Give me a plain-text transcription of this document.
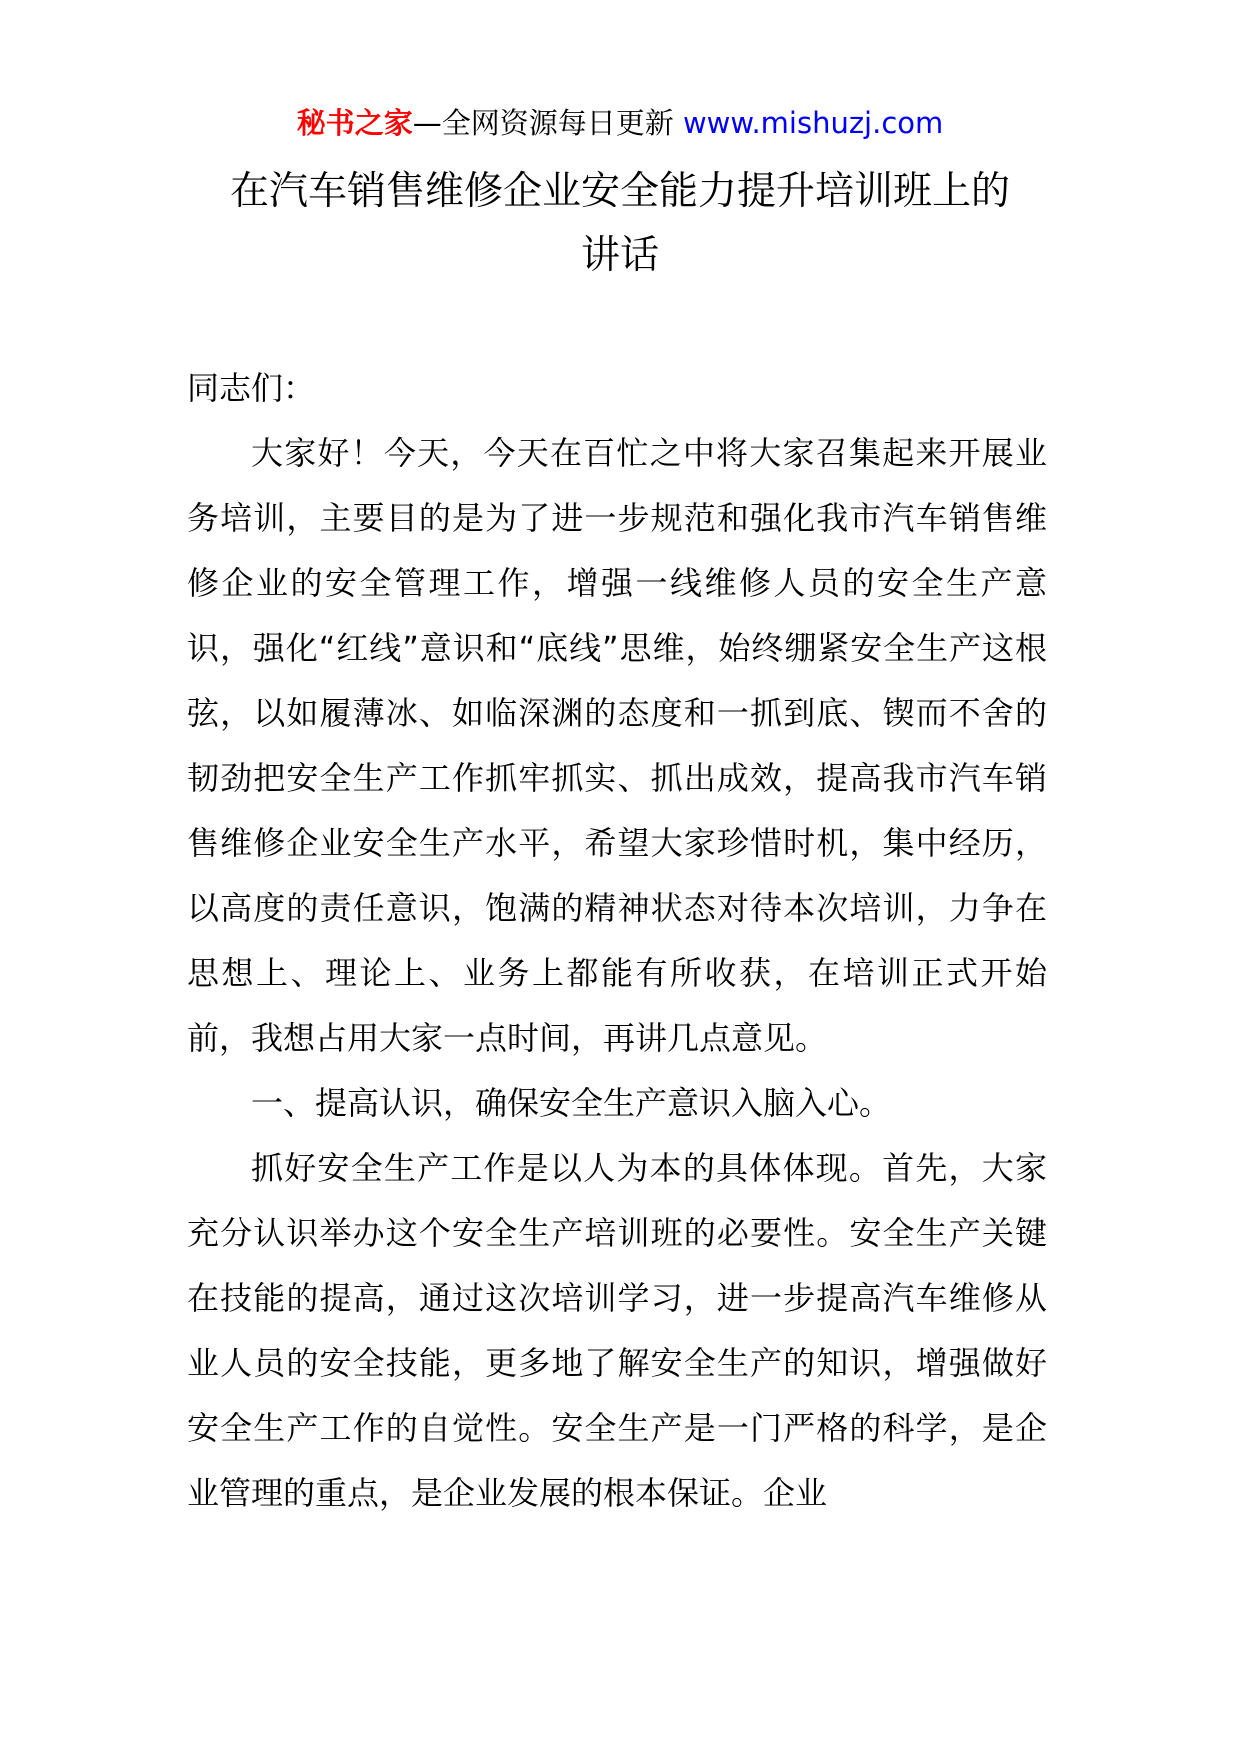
秘书之家—全网资源每日更新 www.mishuzj.com
在汽车销售维修企业安全能力提升培训班上的
讲话

同志们：

大家好！今天，今天在百忙之中将大家召集起来开展业务培训，主要目的是为了进一步规范和强化我市汽车销售维修企业的安全管理工作，增强一线维修人员的安全生产意识，强化“红线”意识和“底线”思维，始终绷紧安全生产这根弦，以如履薄冰、如临深渊的态度和一抓到底、锲而不舍的韧劲把安全生产工作抓牢抓实、抓出成效，提高我市汽车销售维修企业安全生产水平，希望大家珍惜时机，集中经历，以高度的责任意识，饱满的精神状态对待本次培训，力争在思想上、理论上、业务上都能有所收获，在培训正式开始前，我想占用大家一点时间，再讲几点意见。

一、提高认识，确保安全生产意识入脑入心。

抓好安全生产工作是以人为本的具体体现。首先，大家充分认识举办这个安全生产培训班的必要性。安全生产关键在技能的提高，通过这次培训学习，进一步提高汽车维修从业人员的安全技能，更多地了解安全生产的知识，增强做好安全生产工作的自觉性。安全生产是一门严格的科学，是企业管理的重点，是企业发展的根本保证。企业
